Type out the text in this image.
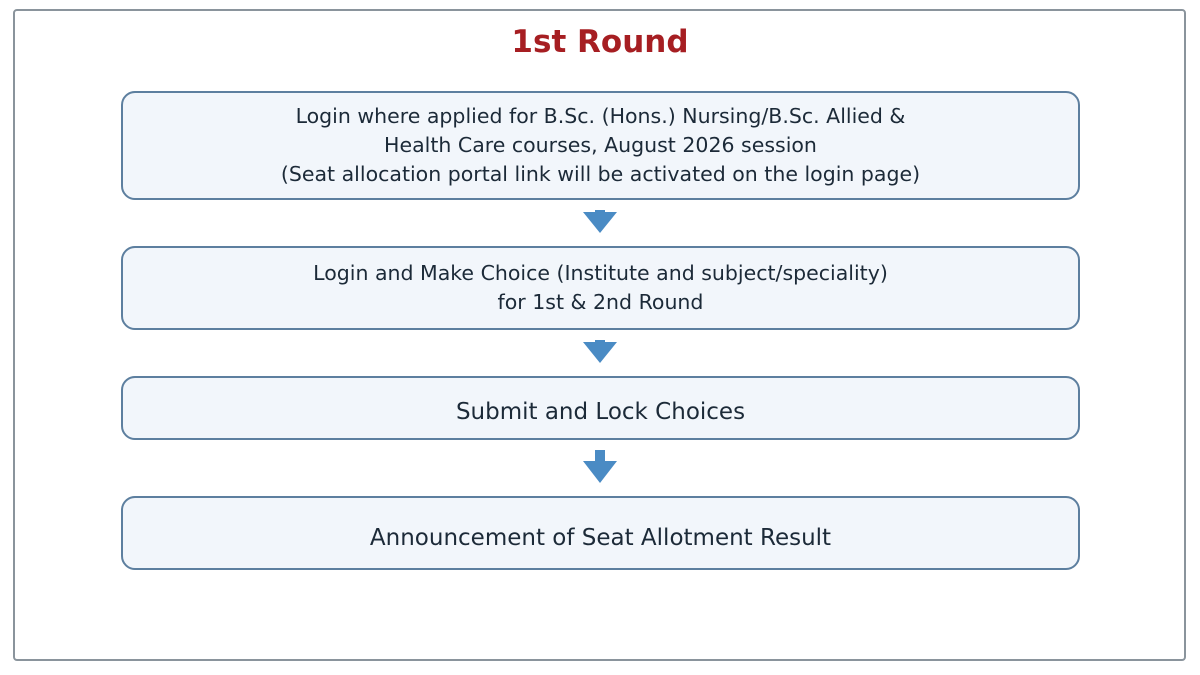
1st Round
Login where applied for B.Sc. (Hons.) Nursing/B.Sc. Allied &
Health Care courses, August 2026 session
(Seat allocation portal link will be activated on the login page)
Login and Make Choice (Institute and subject/speciality)
for 1st & 2nd Round
Submit and Lock Choices
Announcement of Seat Allotment Result
